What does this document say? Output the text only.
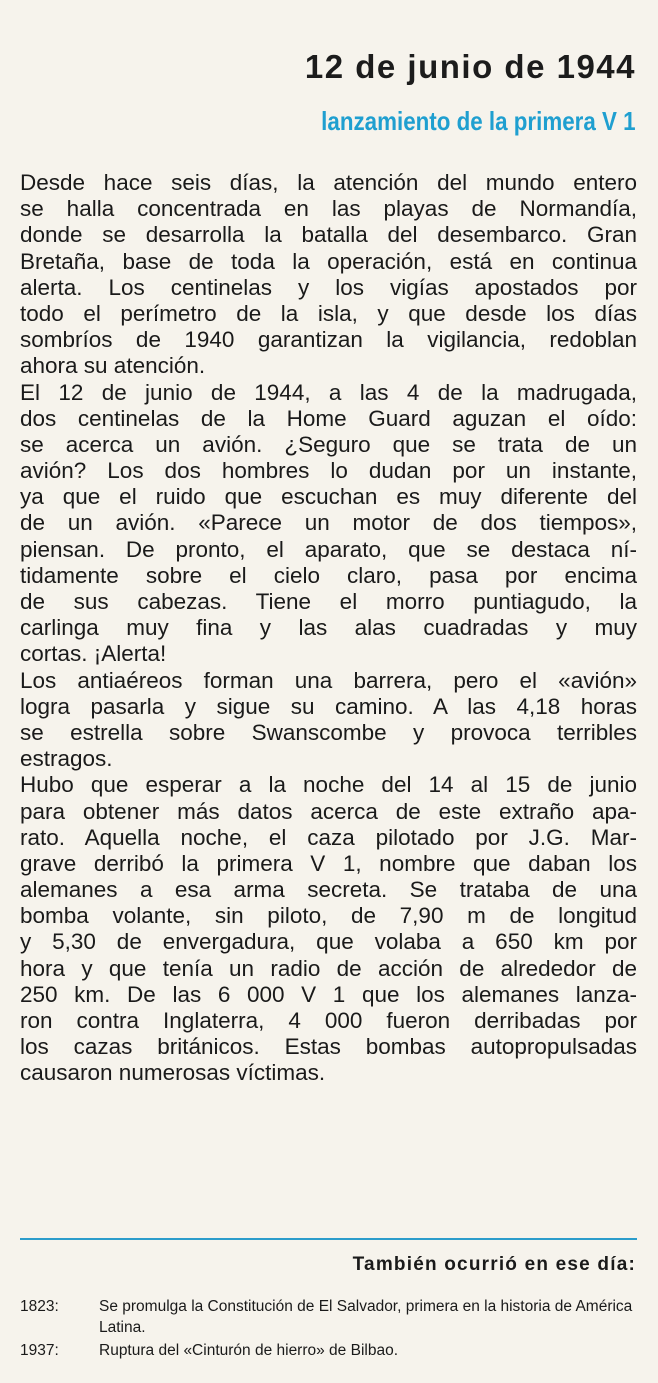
12 de junio de 1944
lanzamiento de la primera V 1
Desde hace seis días, la atención del mundo entero
se halla concentrada en las playas de Normandía,
donde se desarrolla la batalla del desembarco. Gran
Bretaña, base de toda la operación, está en continua
alerta. Los centinelas y los vigías apostados por
todo el perímetro de la isla, y que desde los días
sombríos de 1940 garantizan la vigilancia, redoblan
ahora su atención.
El 12 de junio de 1944, a las 4 de la madrugada,
dos centinelas de la Home Guard aguzan el oído:
se acerca un avión. ¿Seguro que se trata de un
avión? Los dos hombres lo dudan por un instante,
ya que el ruido que escuchan es muy diferente del
de un avión. «Parece un motor de dos tiempos»,
piensan. De pronto, el aparato, que se destaca ní-
tidamente sobre el cielo claro, pasa por encima
de sus cabezas. Tiene el morro puntiagudo, la
carlinga muy fina y las alas cuadradas y muy
cortas. ¡Alerta!
Los antiaéreos forman una barrera, pero el «avión»
logra pasarla y sigue su camino. A las 4,18 horas
se estrella sobre Swanscombe y provoca terribles
estragos.
Hubo que esperar a la noche del 14 al 15 de junio
para obtener más datos acerca de este extraño apa-
rato. Aquella noche, el caza pilotado por J.G. Mar-
grave derribó la primera V 1, nombre que daban los
alemanes a esa arma secreta. Se trataba de una
bomba volante, sin piloto, de 7,90 m de longitud
y 5,30 de envergadura, que volaba a 650 km por
hora y que tenía un radio de acción de alrededor de
250 km. De las 6 000 V 1 que los alemanes lanza-
ron contra Inglaterra, 4 000 fueron derribadas por
los cazas británicos. Estas bombas autopropulsadas
causaron numerosas víctimas.
También ocurrió en ese día:
1823:	Se promulga la Constitución de El Salvador, primera en la historia de América Latina.
1937:	Ruptura del «Cinturón de hierro» de Bilbao.
